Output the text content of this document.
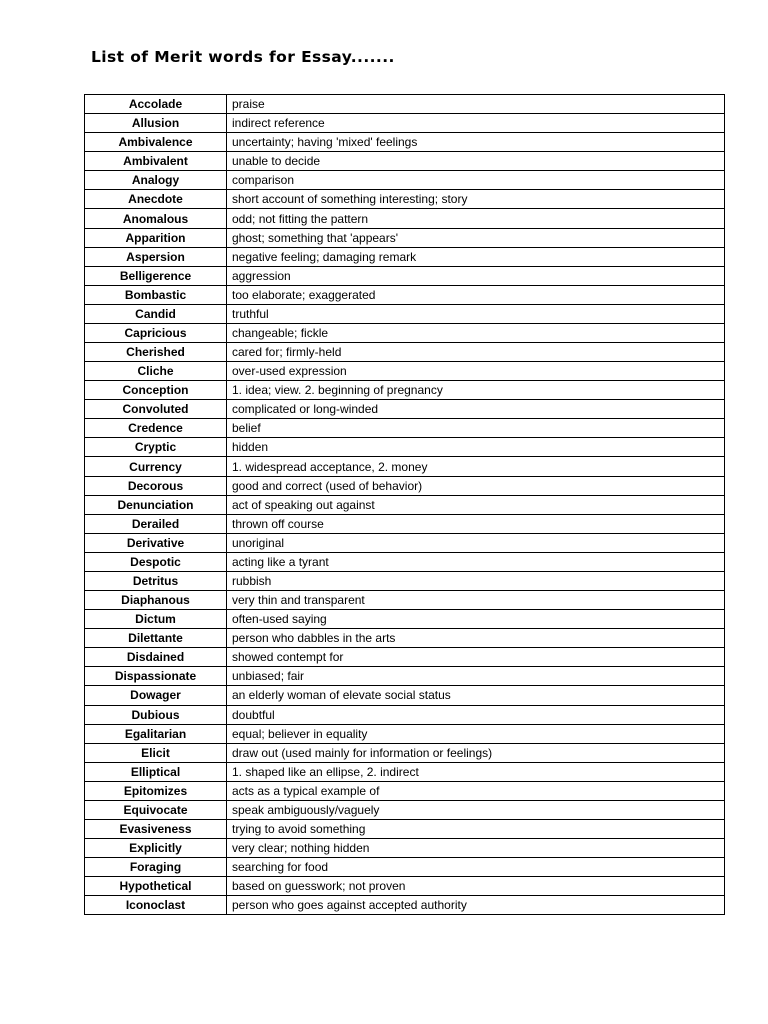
List of Merit words for Essay.......
Accolade	praise
Allusion	indirect reference
Ambivalence	uncertainty; having 'mixed' feelings
Ambivalent	unable to decide
Analogy	comparison
Anecdote	short account of something interesting; story
Anomalous	odd; not fitting the pattern
Apparition	ghost; something that 'appears'
Aspersion	negative feeling; damaging remark
Belligerence	aggression
Bombastic	too elaborate; exaggerated
Candid	truthful
Capricious	changeable; fickle
Cherished	cared for; firmly-held
Cliche	over-used expression
Conception	1. idea; view. 2. beginning of pregnancy
Convoluted	complicated or long-winded
Credence	belief
Cryptic	hidden
Currency	1. widespread acceptance, 2. money
Decorous	good and correct (used of behavior)
Denunciation	act of speaking out against
Derailed	thrown off course
Derivative	unoriginal
Despotic	acting like a tyrant
Detritus	rubbish
Diaphanous	very thin and transparent
Dictum	often-used saying
Dilettante	person who dabbles in the arts
Disdained	showed contempt for
Dispassionate	unbiased; fair
Dowager	an elderly woman of elevate social status
Dubious	doubtful
Egalitarian	equal; believer in equality
Elicit	draw out (used mainly for information or feelings)
Elliptical	1. shaped like an ellipse, 2. indirect
Epitomizes	acts as a typical example of
Equivocate	speak ambiguously/vaguely
Evasiveness	trying to avoid something
Explicitly	very clear; nothing hidden
Foraging	searching for food
Hypothetical	based on guesswork; not proven
Iconoclast	person who goes against accepted authority
